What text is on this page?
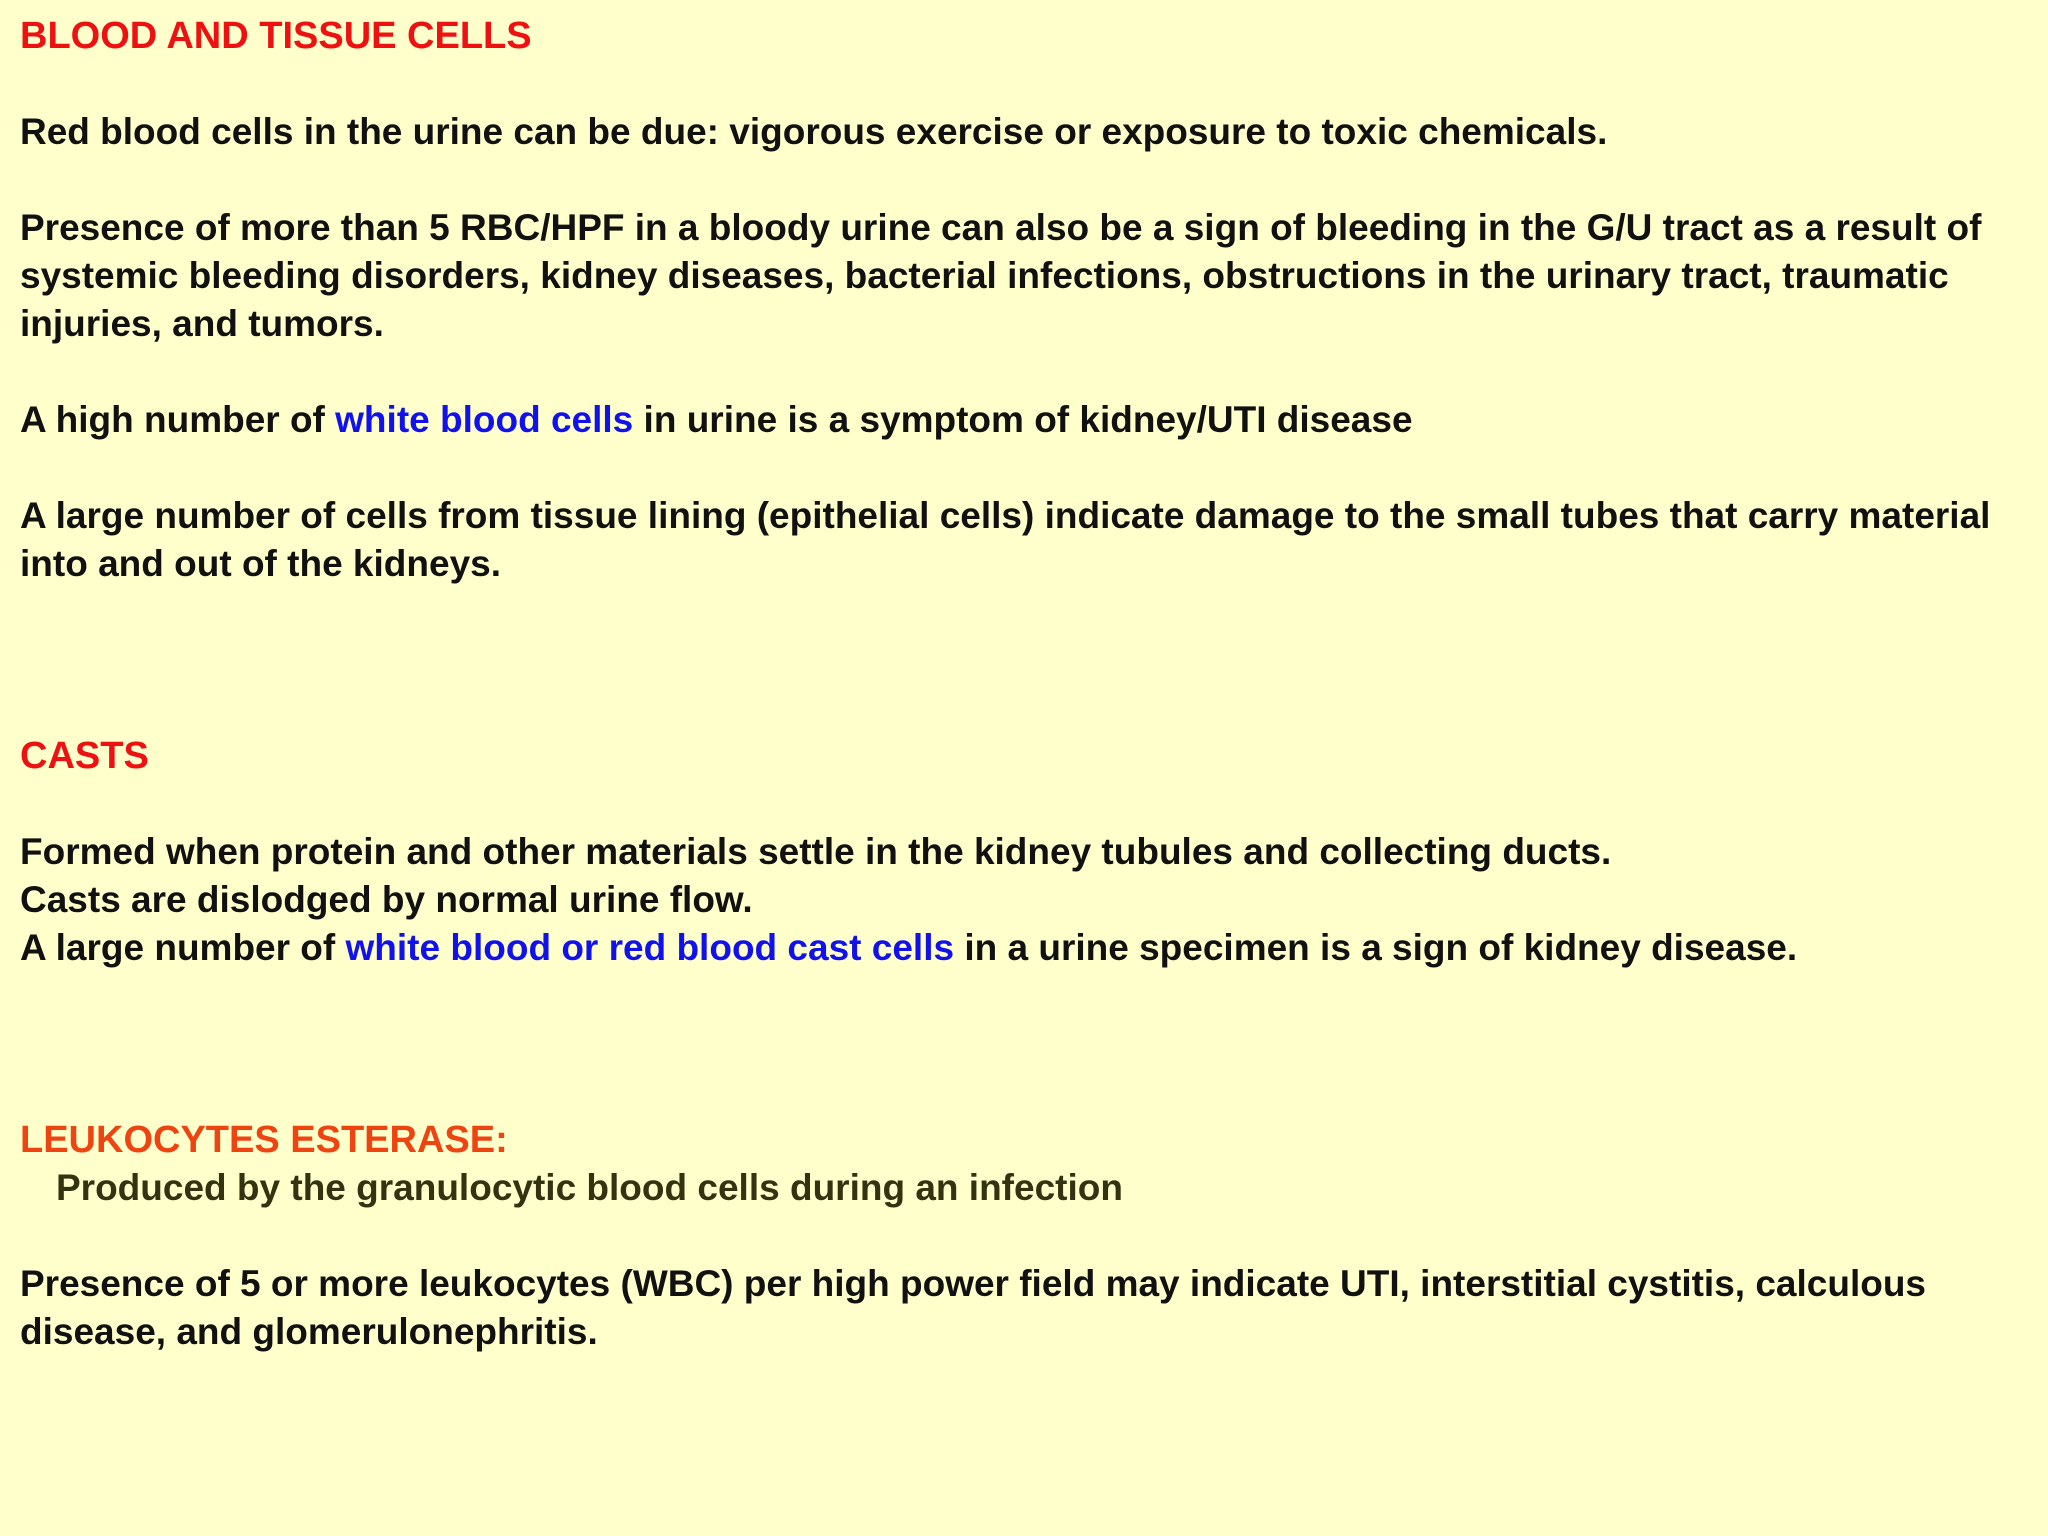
BLOOD AND TISSUE CELLS

Red blood cells in the urine can be due: vigorous exercise or exposure to toxic chemicals.

Presence of more than 5 RBC/HPF in a bloody urine can also be a sign of bleeding in the G/U tract as a result of systemic bleeding disorders, kidney diseases, bacterial infections, obstructions in the urinary tract, traumatic injuries, and tumors.

A high number of white blood cells in urine is a symptom of kidney/UTI disease

A large number of cells from tissue lining (epithelial cells) indicate damage to the small tubes that carry material into and out of the kidneys.

CASTS

Formed when protein and other materials settle in the kidney tubules and collecting ducts.

Casts are dislodged by normal urine flow.

A large number of white blood or red blood cast cells in a urine specimen is a sign of kidney disease.

LEUKOCYTES ESTERASE:

Produced by the granulocytic blood cells during an infection

Presence of 5 or more leukocytes (WBC) per high power field may indicate UTI, interstitial cystitis, calculous disease, and glomerulonephritis.
